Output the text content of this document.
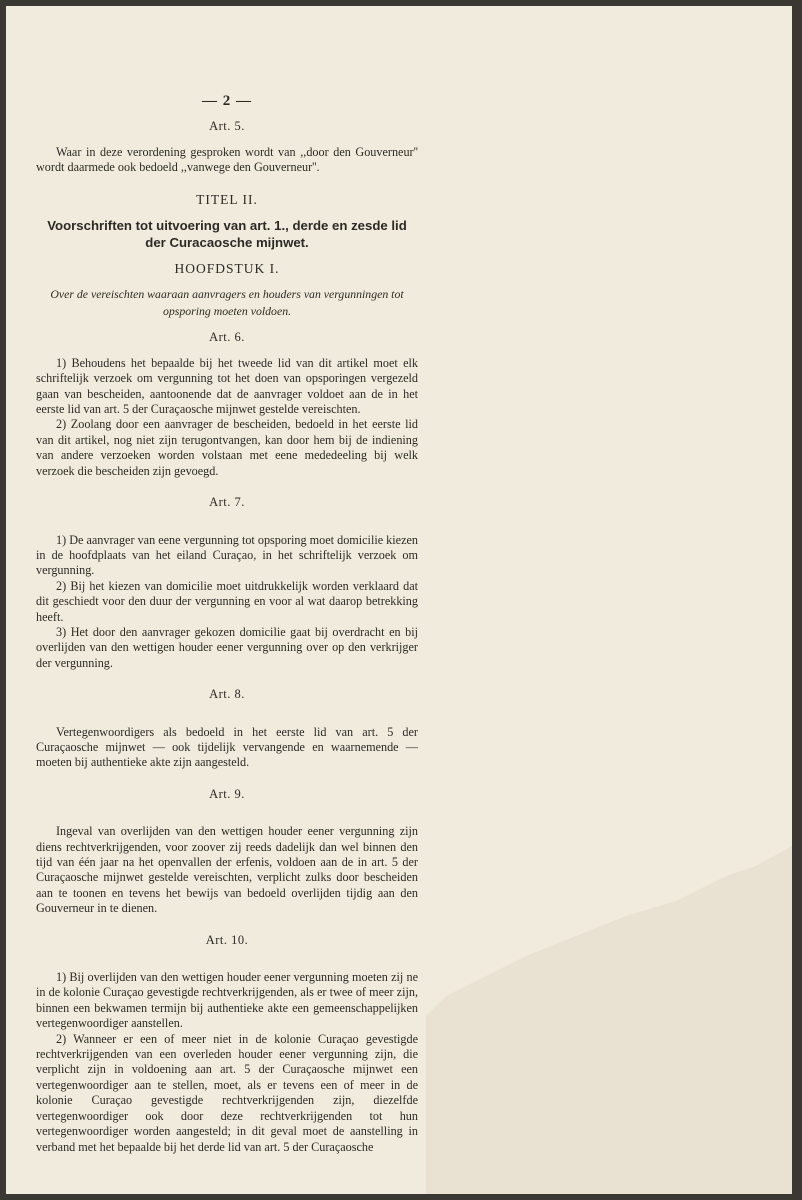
— 2 —
Art. 5.

Waar in deze verordening gesproken wordt van ,,door den Gouverneur'' wordt daarmede ook bedoeld ,,vanwege den Gouverneur''.

TITEL II.
Voorschriften tot uitvoering van art. 1., derde en zesde lid der Curacaosche mijnwet.
HOOFDSTUK I.
Over de vereischten waaraan aanvragers en houders van vergunningen tot opsporing moeten voldoen.
Art. 6.

1) Behoudens het bepaalde bij het tweede lid van dit artikel moet elk schriftelijk verzoek om vergunning tot het doen van opsporingen vergezeld gaan van bescheiden, aantoonende dat de aanvrager voldoet aan de in het eerste lid van art. 5 der Curaçaosche mijnwet gestelde vereischten.

2) Zoolang door een aanvrager de bescheiden, bedoeld in het eerste lid van dit artikel, nog niet zijn terugontvangen, kan door hem bij de indiening van andere verzoeken worden volstaan met eene mededeeling bij welk verzoek die bescheiden zijn gevoegd.

Art. 7.

1) De aanvrager van eene vergunning tot opsporing moet domicilie kiezen in de hoofdplaats van het eiland Curaçao, in het schriftelijk verzoek om vergunning.

2) Bij het kiezen van domicilie moet uitdrukkelijk worden verklaard dat dit geschiedt voor den duur der vergunning en voor al wat daarop betrekking heeft.

3) Het door den aanvrager gekozen domicilie gaat bij overdracht en bij overlijden van den wettigen houder eener vergunning over op den verkrijger der vergunning.

Art. 8.

Vertegenwoordigers als bedoeld in het eerste lid van art. 5 der Curaçaosche mijnwet — ook tijdelijk vervangende en waarnemende — moeten bij authentieke akte zijn aangesteld.

Art. 9.

Ingeval van overlijden van den wettigen houder eener vergunning zijn diens rechtverkrijgenden, voor zoover zij reeds dadelijk dan wel binnen den tijd van één jaar na het openvallen der erfenis, voldoen aan de in art. 5 der Curaçaosche mijnwet gestelde vereischten, verplicht zulks door bescheiden aan te toonen en tevens het bewijs van bedoeld overlijden tijdig aan den Gouverneur in te dienen.

Art. 10.

1) Bij overlijden van den wettigen houder eener vergunning moeten zij ne in de kolonie Curaçao gevestigde rechtverkrijgenden, als er twee of meer zijn, binnen een bekwamen termijn bij authentieke akte een gemeenschappelijken vertegenwoordiger aanstellen.

2) Wanneer er een of meer niet in de kolonie Curaçao gevestigde rechtverkrijgenden van een overleden houder eener vergunning zijn, die verplicht zijn in voldoening aan art. 5 der Curaçaosche mijnwet een vertegenwoordiger aan te stellen, moet, als er tevens een of meer in de kolonie Curaçao gevestigde rechtverkrijgenden zijn, diezelfde vertegenwoordiger ook door deze rechtverkrijgenden tot hun vertegenwoordiger worden aangesteld; in dit geval moet de aanstelling in verband met het bepaalde bij het derde lid van art. 5 der Curaçaosche
